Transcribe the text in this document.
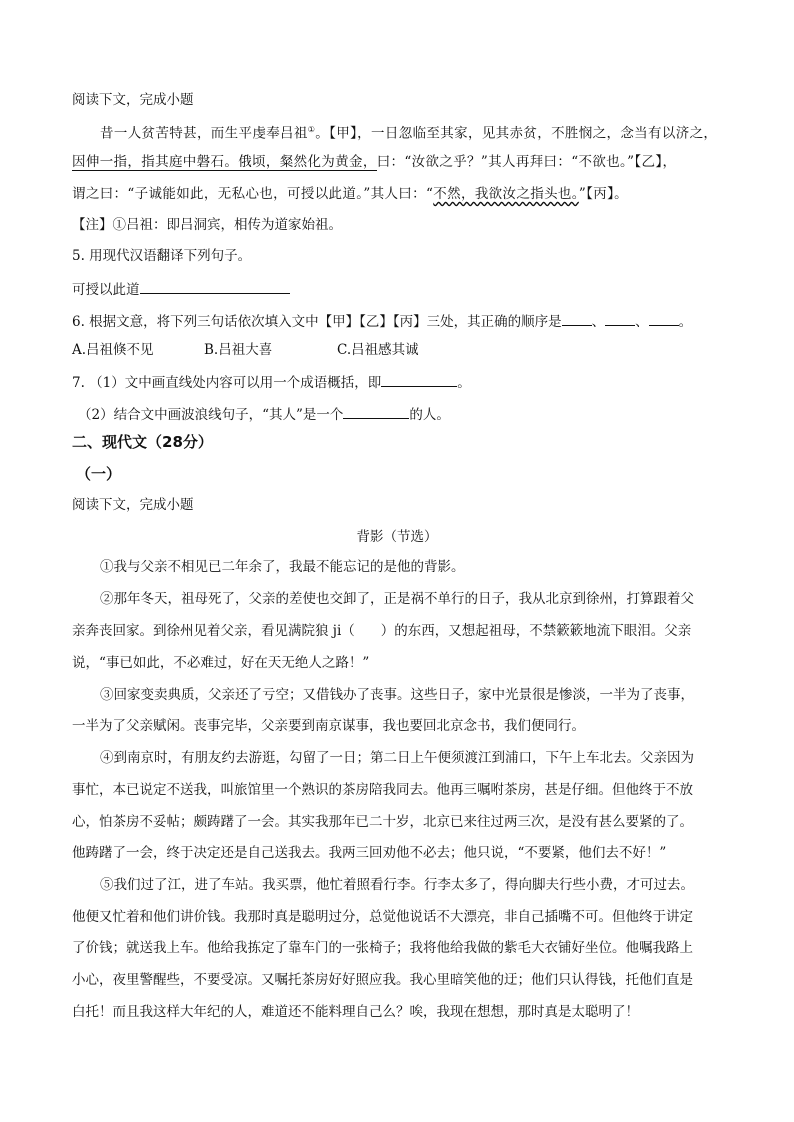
阅读下文，完成小题
昔一人贫苦特甚，而生平虔奉吕祖①。【甲】，一日忽临至其家，见其赤贫，不胜悯之，念当有以济之，
因伸一指，指其庭中磐石。俄顷，粲然化为黄金，曰：“汝欲之乎？”其人再拜曰：“不欲也。”【乙】，
谓之曰：“子诚能如此，无私心也，可授以此道。”其人曰：“不然，我欲汝之指头也。”【丙】。
【注】①吕祖：即吕洞宾，相传为道家始祖。
5. 用现代汉语翻译下列句子。
可授以此道
6. 根据文意，将下列三句话依次填入文中【甲】【乙】【丙】三处，其正确的顺序是 、 、 。
A.吕祖倏不见	B.吕祖大喜	C.吕祖感其诚
7. （1）文中画直线处内容可以用一个成语概括，即	。
（2）结合文中画波浪线句子，“其人”是一个	的人。
二、现代文（28分）
（一）
阅读下文，完成小题
背影（节选）
①我与父亲不相见已二年余了，我最不能忘记的是他的背影。
②那年冬天，祖母死了，父亲的差使也交卸了，正是祸不单行的日子，我从北京到徐州，打算跟着父
亲奔丧回家。到徐州见着父亲，看见满院狼 ji（ ）的东西，又想起祖母，不禁簌簌地流下眼泪。父亲
说，“事已如此，不必难过，好在天无绝人之路！”
③回家变卖典质，父亲还了亏空；又借钱办了丧事。这些日子，家中光景很是惨淡，一半为了丧事，
一半为了父亲赋闲。丧事完毕，父亲要到南京谋事，我也要回北京念书，我们便同行。
④到南京时，有朋友约去游逛，勾留了一日；第二日上午便须渡江到浦口，下午上车北去。父亲因为
事忙，本已说定不送我，叫旅馆里一个熟识的茶房陪我同去。他再三嘱咐茶房，甚是仔细。但他终于不放
心，怕茶房不妥帖；颇踌躇了一会。其实我那年已二十岁，北京已来往过两三次，是没有甚么要紧的了。
他踌躇了一会，终于决定还是自己送我去。我两三回劝他不必去；他只说，“不要紧，他们去不好！”
⑤我们过了江，进了车站。我买票，他忙着照看行李。行李太多了，得向脚夫行些小费，才可过去。
他便又忙着和他们讲价钱。我那时真是聪明过分，总觉他说话不大漂亮，非自己插嘴不可。但他终于讲定
了价钱；就送我上车。他给我拣定了靠车门的一张椅子；我将他给我做的紫毛大衣铺好坐位。他嘱我路上
小心，夜里警醒些，不要受凉。又嘱托茶房好好照应我。我心里暗笑他的迂；他们只认得钱，托他们直是
白托！而且我这样大年纪的人，难道还不能料理自己么？唉，我现在想想，那时真是太聪明了！
